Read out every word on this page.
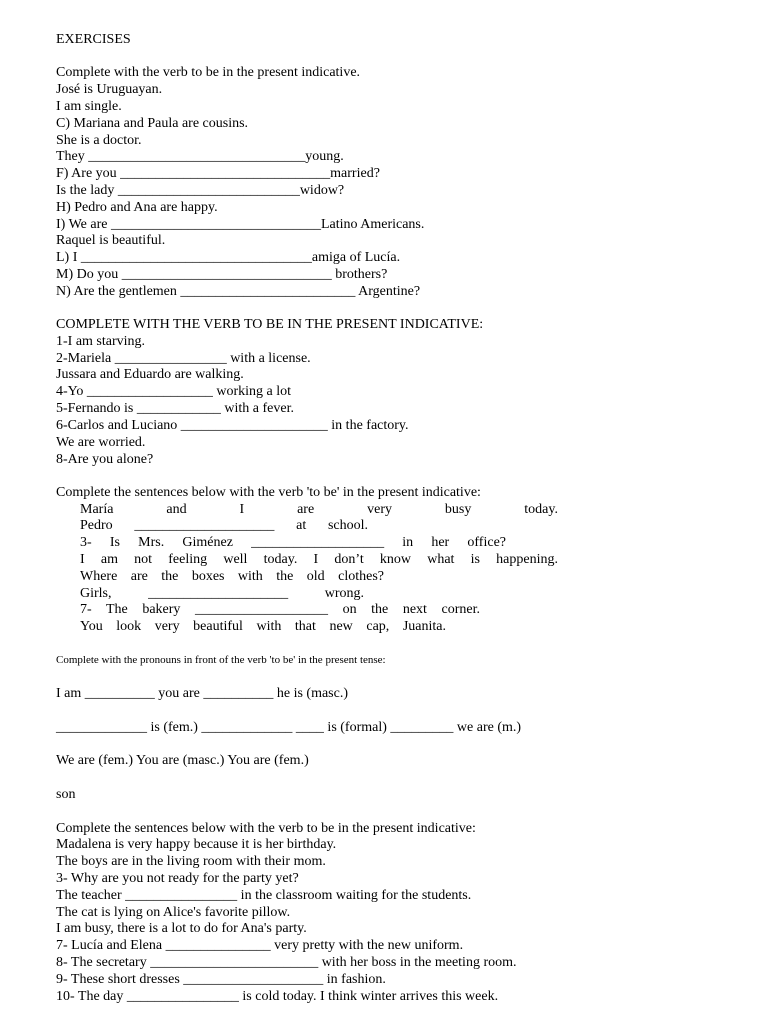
EXERCISES

Complete with the verb to be in the present indicative.

José is Uruguayan.

I am single.

C) Mariana and Paula are cousins.

She is a doctor.

They _______________________________young.

F) Are you ______________________________married?

Is the lady __________________________widow?

H) Pedro and Ana are happy.

I) We are ______________________________Latino Americans.

Raquel is beautiful.

L) I _________________________________amiga of Lucía.

M) Do you ______________________________ brothers?

N) Are the gentlemen _________________________ Argentine?

COMPLETE WITH THE VERB TO BE IN THE PRESENT INDICATIVE:

1-I am starving.

2-Mariela ________________ with a license.

Jussara and Eduardo are walking.

4-Yo __________________ working a lot

5-Fernando is ____________ with a fever.

6-Carlos and Luciano _____________________ in the factory.

We are worried.

8-Are you alone?

Complete the sentences below with the verb 'to be' in the present indicative:

María and I are very busy today.

Pedro ____________________ at school.

3- Is Mrs. Giménez ___________________ in her office?

I am not feeling well today. I don’t know what is happening.

Where are the boxes with the old clothes?

Girls, ____________________ wrong.

7- The bakery ___________________ on the next corner.

You look very beautiful with that new cap, Juanita.

Complete with the pronouns in front of the verb 'to be' in the present tense:

I am __________ you are __________ he is (masc.)

_____________ is (fem.) _____________ ____ is (formal) _________ we are (m.)

We are (fem.) You are (masc.) You are (fem.)

son

Complete the sentences below with the verb to be in the present indicative:

Madalena is very happy because it is her birthday.

The boys are in the living room with their mom.

3- Why are you not ready for the party yet?

The teacher ________________ in the classroom waiting for the students.

The cat is lying on Alice's favorite pillow.

I am busy, there is a lot to do for Ana's party.

7- Lucía and Elena _______________ very pretty with the new uniform.

8- The secretary ________________________ with her boss in the meeting room.

9- These short dresses ____________________ in fashion.

10- The day ________________ is cold today. I think winter arrives this week.
